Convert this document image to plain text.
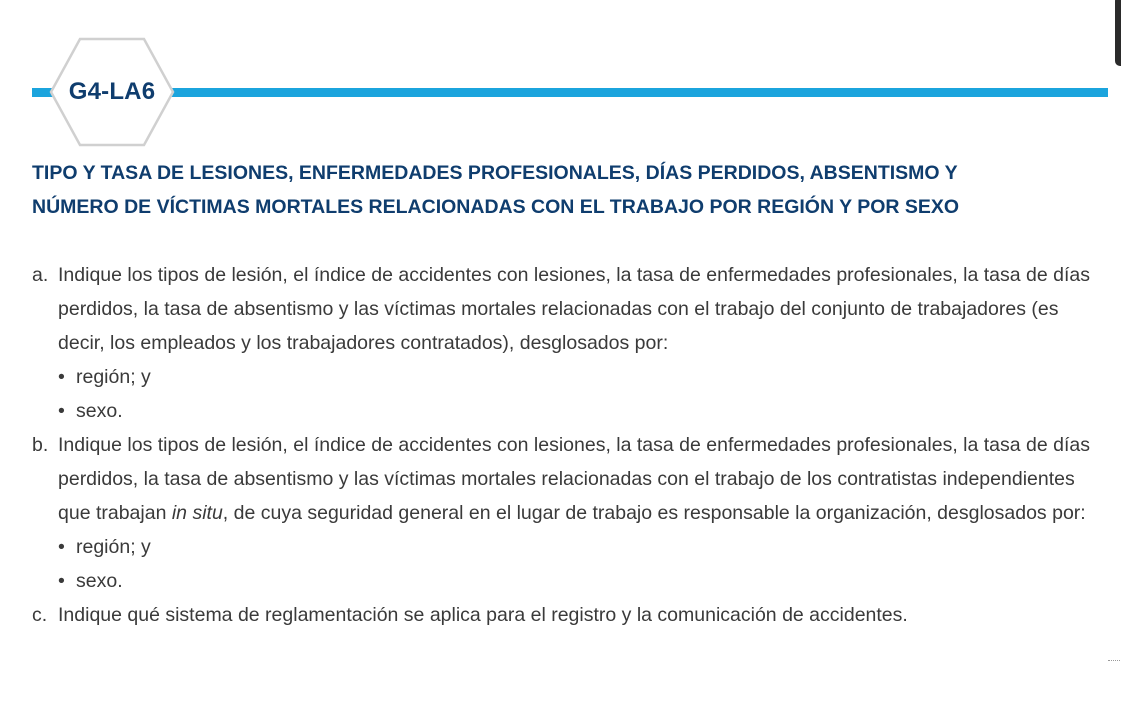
G4-LA6
TIPO Y TASA DE LESIONES, ENFERMEDADES PROFESIONALES, DÍAS PERDIDOS, ABSENTISMO Y
NÚMERO DE VÍCTIMAS MORTALES RELACIONADAS CON EL TRABAJO POR REGIÓN Y POR SEXO
a. Indique los tipos de lesión, el índice de accidentes con lesiones, la tasa de enfermedades profesionales, la tasa de días perdidos, la tasa de absentismo y las víctimas mortales relacionadas con el trabajo del conjunto de trabajadores (es decir, los empleados y los trabajadores contratados), desglosados por:
• región; y
• sexo.
b. Indique los tipos de lesión, el índice de accidentes con lesiones, la tasa de enfermedades profesionales, la tasa de días perdidos, la tasa de absentismo y las víctimas mortales relacionadas con el trabajo de los contratistas independientes que trabajan in situ, de cuya seguridad general en el lugar de trabajo es responsable la organización, desglosados por:
• región; y
• sexo.
c. Indique qué sistema de reglamentación se aplica para el registro y la comunicación de accidentes.
